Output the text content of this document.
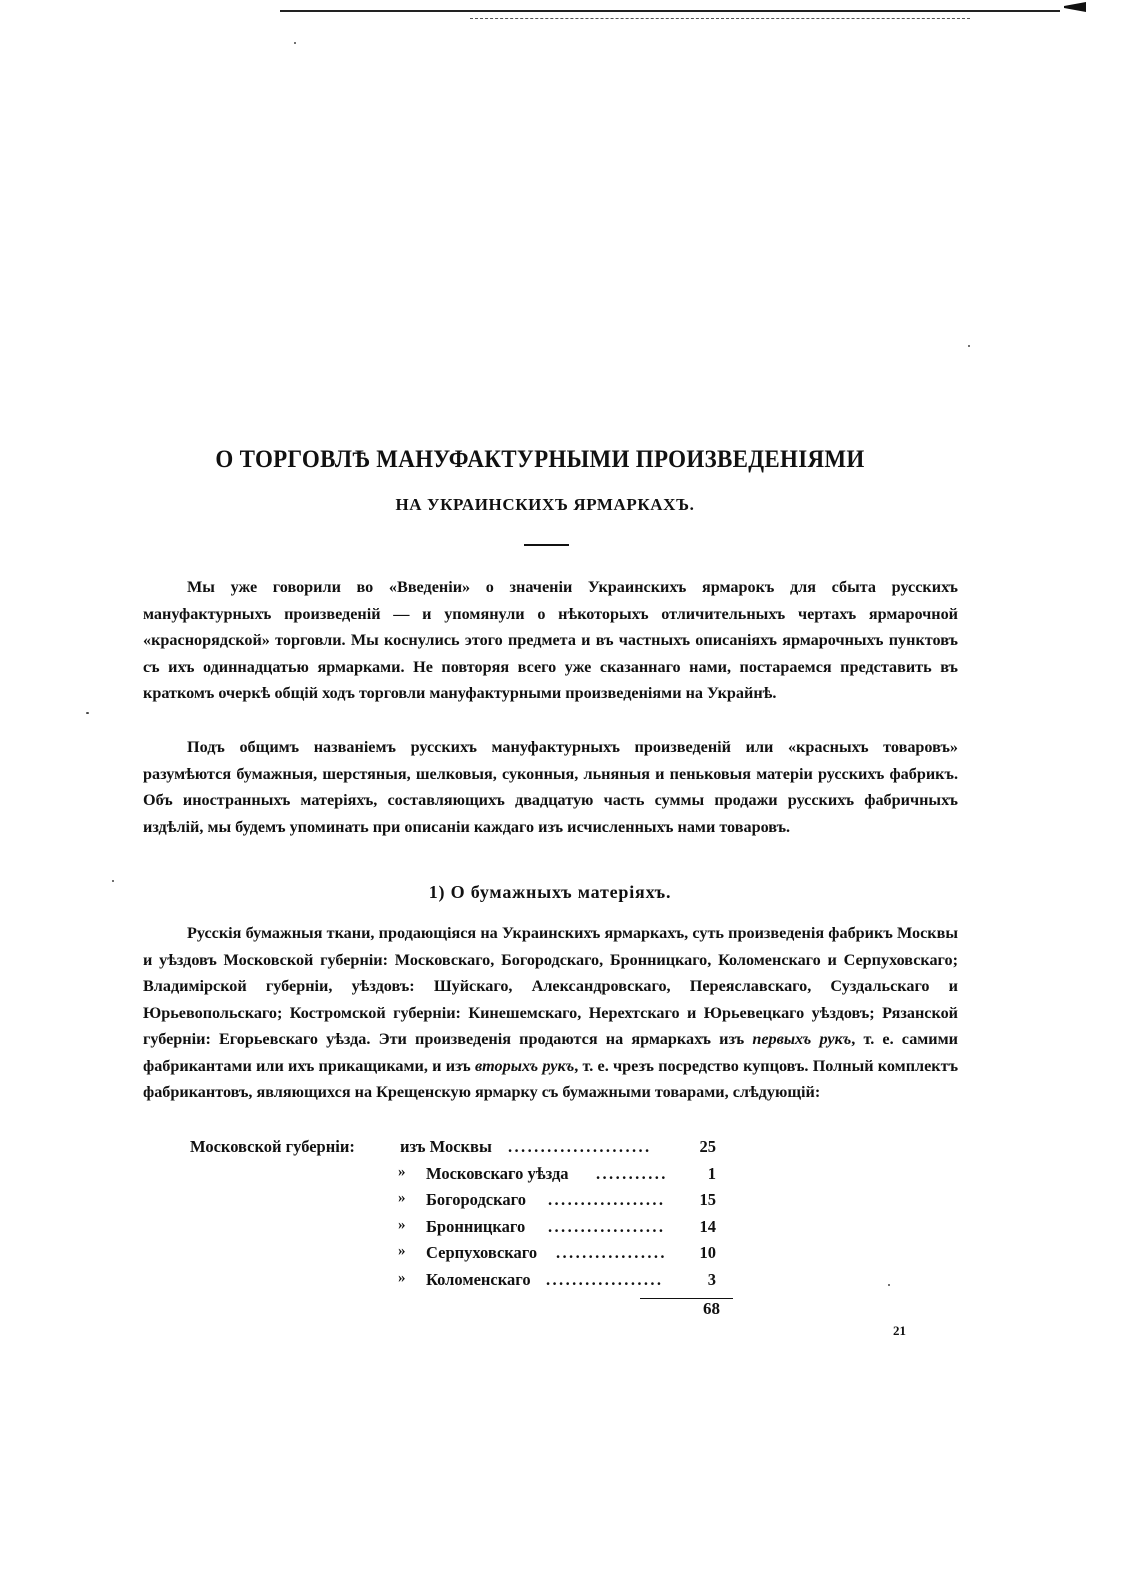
О ТОРГОВЛѢ МАНУФАКТУРНЫМИ ПРОИЗВЕДЕНІЯМИ
НА УКРАИНСКИХЪ ЯРМАРКАХЪ.

Мы уже говорили во «Введеніи» о значеніи Украинскихъ ярмарокъ для сбыта русскихъ мануфактурныхъ произведеній — и упомянули о нѣкоторыхъ отличительныхъ чертахъ ярмарочной «краснорядской» торговли. Мы коснулись этого предмета и въ частныхъ описаніяхъ ярмарочныхъ пунктовъ съ ихъ одиннадцатью ярмарками. Не повторяя всего уже сказаннаго нами, постараемся представить въ краткомъ очеркѣ общій ходъ торговли мануфактурными произведеніями на Украйнѣ.

Подъ общимъ названіемъ русскихъ мануфактурныхъ произведеній или «красныхъ товаровъ» разумѣются бумажныя, шерстяныя, шелковыя, суконныя, льняныя и пеньковыя матеріи русскихъ фабрикъ. Объ иностранныхъ матеріяхъ, составляющихъ двадцатую часть суммы продажи русскихъ фабричныхъ издѣлій, мы будемъ упоминать при описаніи каждаго изъ исчисленныхъ нами товаровъ.

1) О бумажныхъ матеріяхъ.

Русскія бумажныя ткани, продающіяся на Украинскихъ ярмаркахъ, суть произведенія фабрикъ Москвы и уѣздовъ Московской губерніи: Московскаго, Богородскаго, Бронницкаго, Коломенскаго и Серпуховскаго; Владимірской губерніи, уѣздовъ: Шуйскаго, Александровскаго, Переяславскаго, Суздальскаго и Юрьевопольскаго; Костромской губерніи: Кинешемскаго, Нерехтскаго и Юрьевецкаго уѣздовъ; Рязанской губерніи: Егорьевскаго уѣзда. Эти произведенія продаются на ярмаркахъ изъ первыхъ рукъ, т. е. самими фабрикантами или ихъ прикащиками, и изъ вторыхъ рукъ, т. е. чрезъ посредство купцовъ. Полный комплектъ фабрикантовъ, являющихся на Крещенскую ярмарку съ бумажными товарами, слѣдующій:

Московской губерніи:	изъ Москвы ......................	25
» Московскаго уѣзда ...........	1
» Богородскаго ..................	15
» Бронницкаго ..................	14
» Серпуховскаго .................	10
» Коломенскаго ..................	3
68
21
